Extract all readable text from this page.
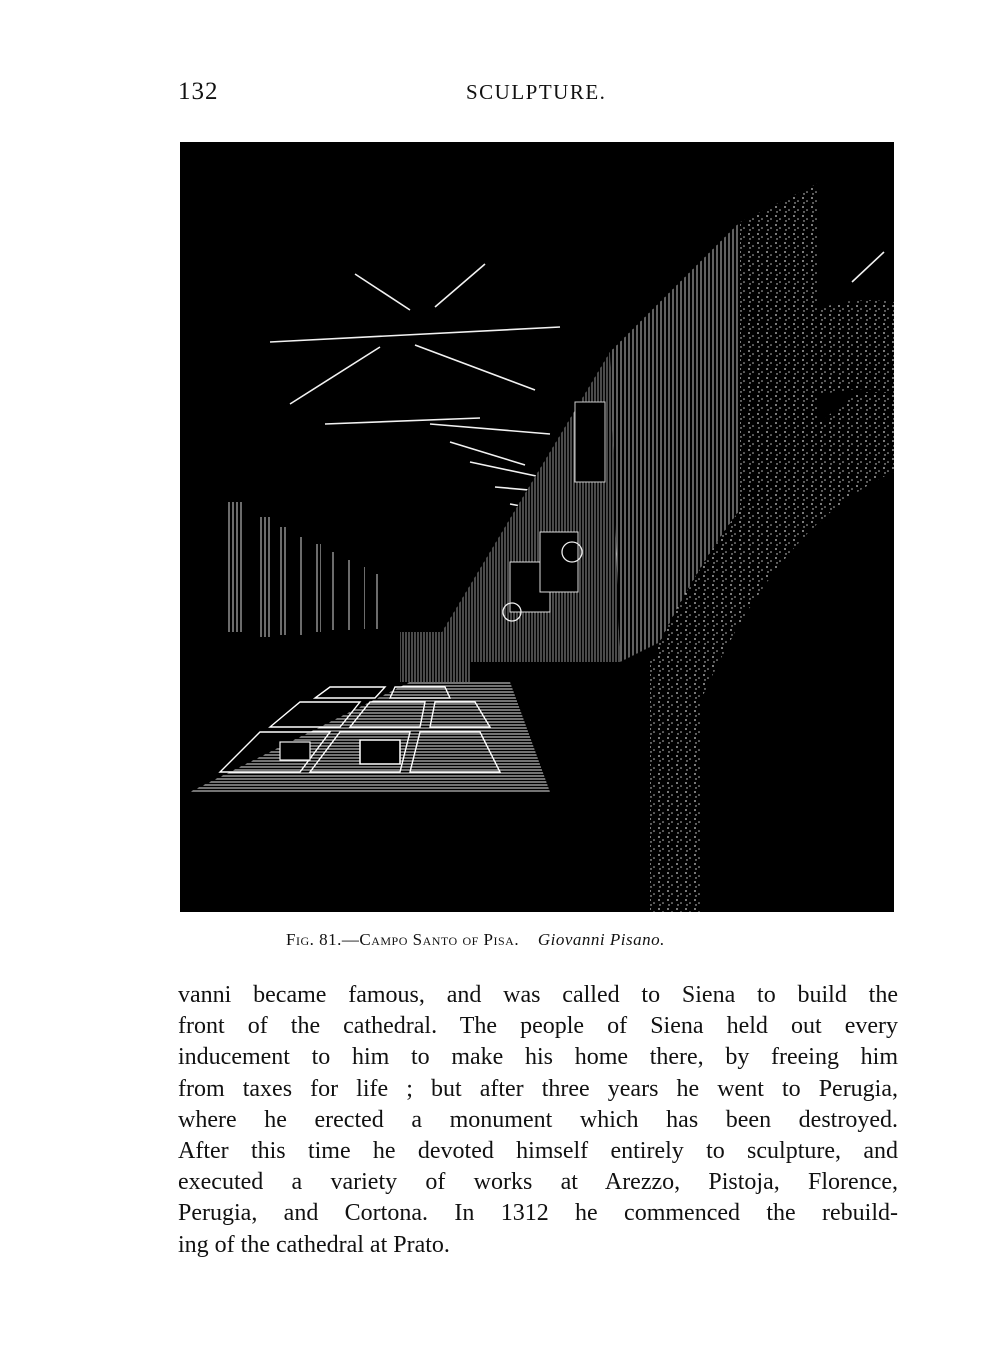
132	SCULPTURE.
Fig. 81.—Campo Santo of Pisa. Giovanni Pisano.
vanni became famous, and was called to Siena to build the
front of the cathedral. The people of Siena held out every
inducement to him to make his home there, by freeing him
from taxes for life ; but after three years he went to Perugia,
where he erected a monument which has been destroyed.
After this time he devoted himself entirely to sculpture, and
executed a variety of works at Arezzo, Pistoja, Florence,
Perugia, and Cortona. In 1312 he commenced the rebuild-
ing of the cathedral at Prato.
